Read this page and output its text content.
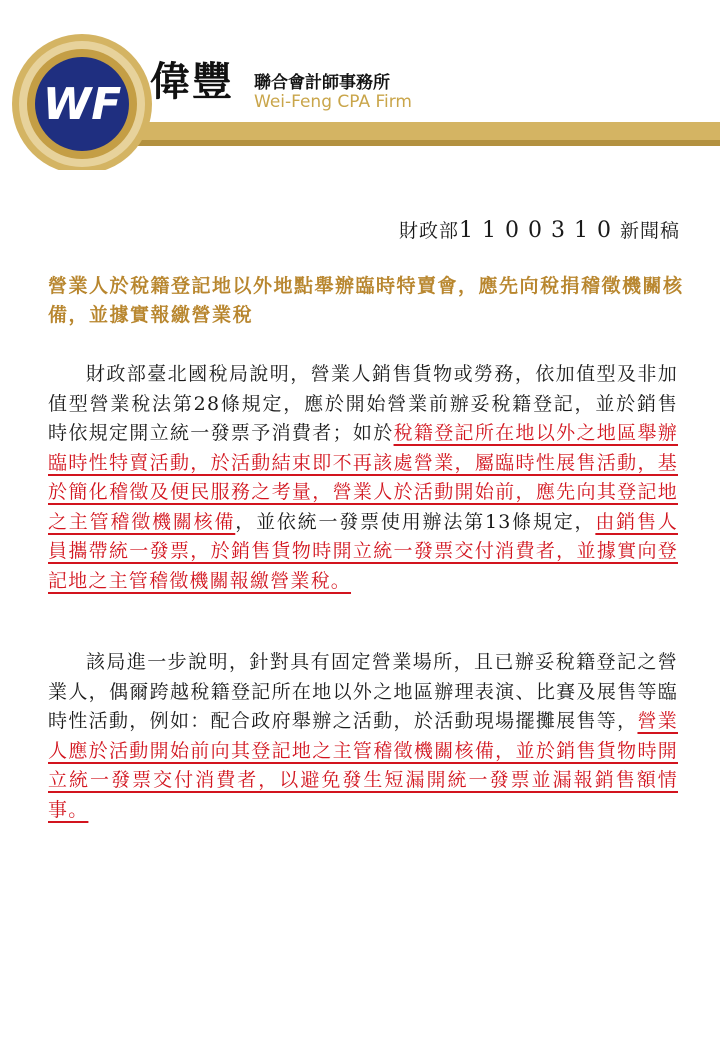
WF 偉豐 聯合會計師事務所
Wei-Feng CPA Firm
財政部1100310新聞稿
營業人於稅籍登記地以外地點舉辦臨時特賣會，應先向稅捐稽徵機關核備，並據實報繳營業稅
財政部臺北國稅局說明，營業人銷售貨物或勞務，依加值型及非加值型營業稅法第28條規定，應於開始營業前辦妥稅籍登記，並於銷售時依規定開立統一發票予消費者；如於稅籍登記所在地以外之地區舉辦臨時性特賣活動，於活動結束即不再該處營業，屬臨時性展售活動，基於簡化稽徵及便民服務之考量，營業人於活動開始前，應先向其登記地之主管稽徵機關核備，並依統一發票使用辦法第13條規定，由銷售人員攜帶統一發票，於銷售貨物時開立統一發票交付消費者，並據實向登記地之主管稽徵機關報繳營業稅。
該局進一步說明，針對具有固定營業場所，且已辦妥稅籍登記之營業人，偶爾跨越稅籍登記所在地以外之地區辦理表演、比賽及展售等臨時性活動，例如：配合政府舉辦之活動，於活動現場擺攤展售等，營業人應於活動開始前向其登記地之主管稽徵機關核備，並於銷售貨物時開立統一發票交付消費者，以避免發生短漏開統一發票並漏報銷售額情事。
